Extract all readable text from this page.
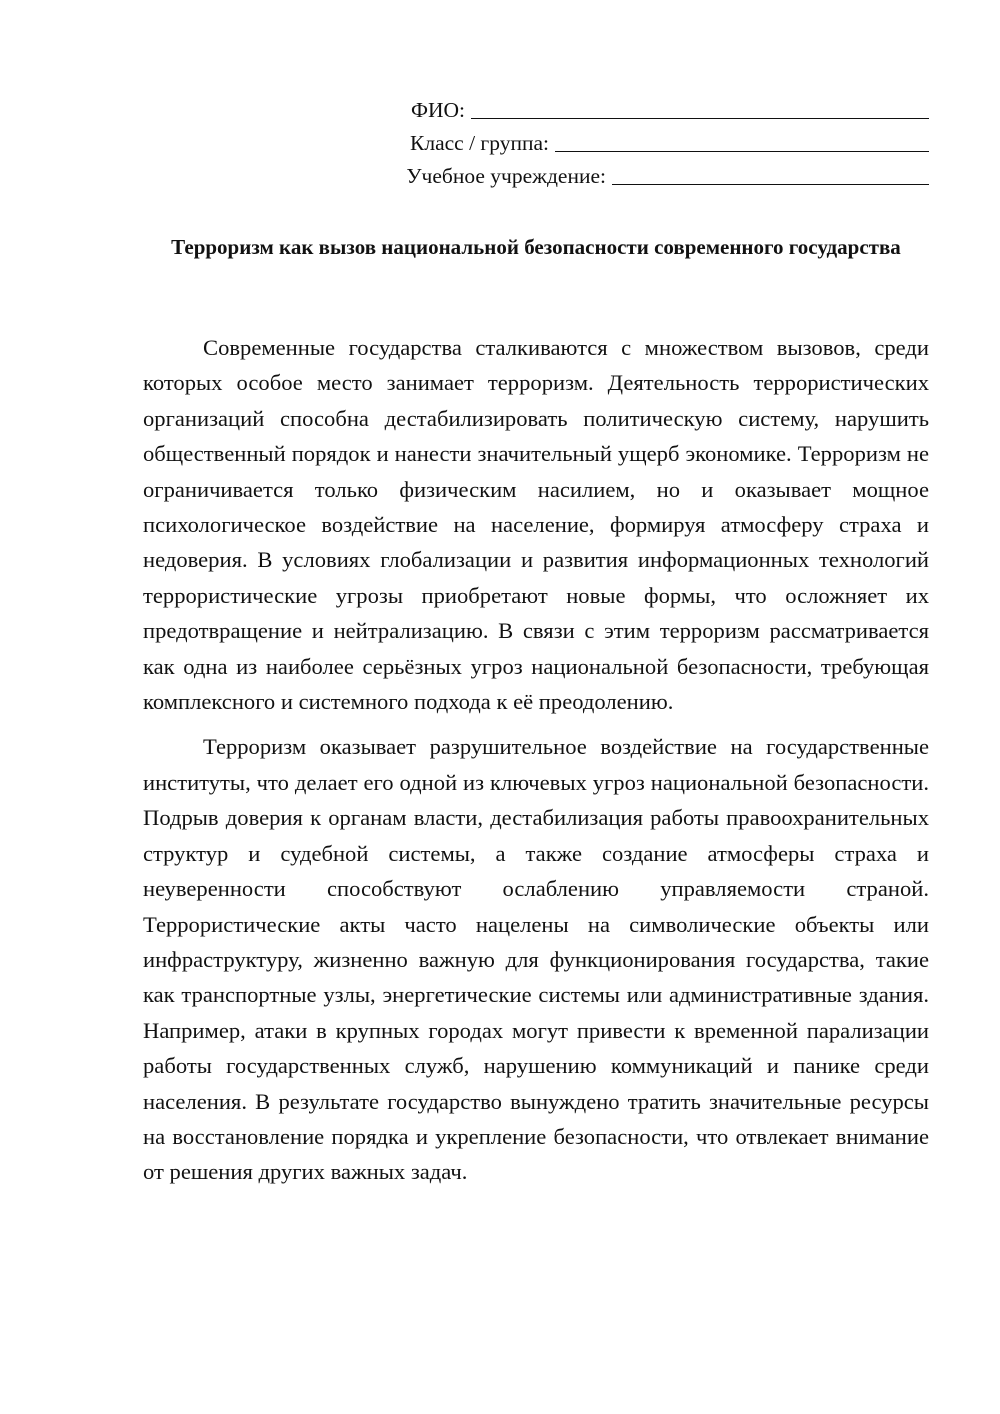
ФИО:
Класс / группа:
Учебное учреждение:
Терроризм как вызов национальной безопасности современного государства

Современные государства сталкиваются с множеством вызовов, среди которых особое место занимает терроризм. Деятельность террористических организаций способна дестабилизировать политическую систему, нарушить общественный порядок и нанести значительный ущерб экономике. Терроризм не ограничивается только физическим насилием, но и оказывает мощное психологическое воздействие на население, формируя атмосферу страха и недоверия. В условиях глобализации и развития информационных технологий террористические угрозы приобретают новые формы, что осложняет их предотвращение и нейтрализацию. В связи с этим терроризм рассматривается как одна из наиболее серьёзных угроз национальной безопасности, требующая комплексного и системного подхода к её преодолению.

Терроризм оказывает разрушительное воздействие на государственные институты, что делает его одной из ключевых угроз национальной безопасности. Подрыв доверия к органам власти, дестабилизация работы правоохранительных структур и судебной системы, а также создание атмосферы страха и неуверенности способствуют ослаблению управляемости страной. Террористические акты часто нацелены на символические объекты или инфраструктуру, жизненно важную для функционирования государства, такие как транспортные узлы, энергетические системы или административные здания. Например, атаки в крупных городах могут привести к временной парализации работы государственных служб, нарушению коммуникаций и панике среди населения. В результате государство вынуждено тратить значительные ресурсы на восстановление порядка и укрепление безопасности, что отвлекает внимание от решения других важных задач.
